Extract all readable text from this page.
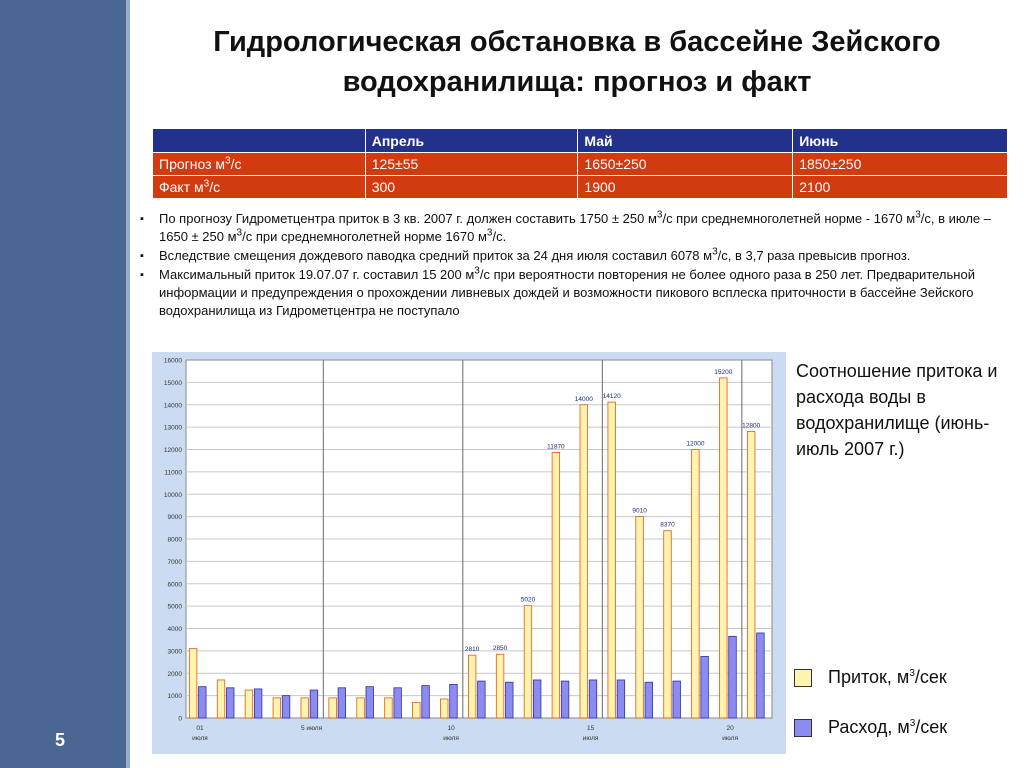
5
Гидрологическая обстановка в бассейне Зейского
водохранилища: прогноз и факт
	Апрель	Май	Июнь
Прогноз $м^3/с$	125±55	1650±250	1850±250
Факт $м^3/с$	300	1900	2100
▪ По прогнозу Гидрометцентра приток в 3 кв. 2007 г. должен составить 1750 ± 250 $м^3/с$ при среднемноголетней норме - 1670 $м^3/с$, в июле – 1650 ± 250 $м^3/с$ при среднемноголетней норме 1670 $м^3/с$.
▪ Вследствие смещения дождевого паводка средний приток за 24 дня июля составил 6078 $м^3/с$, в 3,7 раза превысив прогноз.
▪ Максимальный приток 19.07.07 г. составил 15 200 $м^3/с$ при вероятности повторения не более одного раза в 250 лет. Предварительной информации и предупреждения о прохождении ливневых дождей и возможности пикового всплеска приточности в бассейне Зейского водохранилища из Гидрометцентра не поступало
0
1000
2000
3000
4000
5000
6000
7000
8000
9000
10000
11000
12000
13000
14000
15000
16000
2810 2850
5020
11870
14000 14120
9010
8370
12000
15200
12800
01
июля
5 июля	10
июля
15
июля
20
июля
Соотношение притока и расхода воды в водохранилище (июнь-июль 2007 г.)
Приток, $м^3$/сек
Расход, $м^3$/сек
